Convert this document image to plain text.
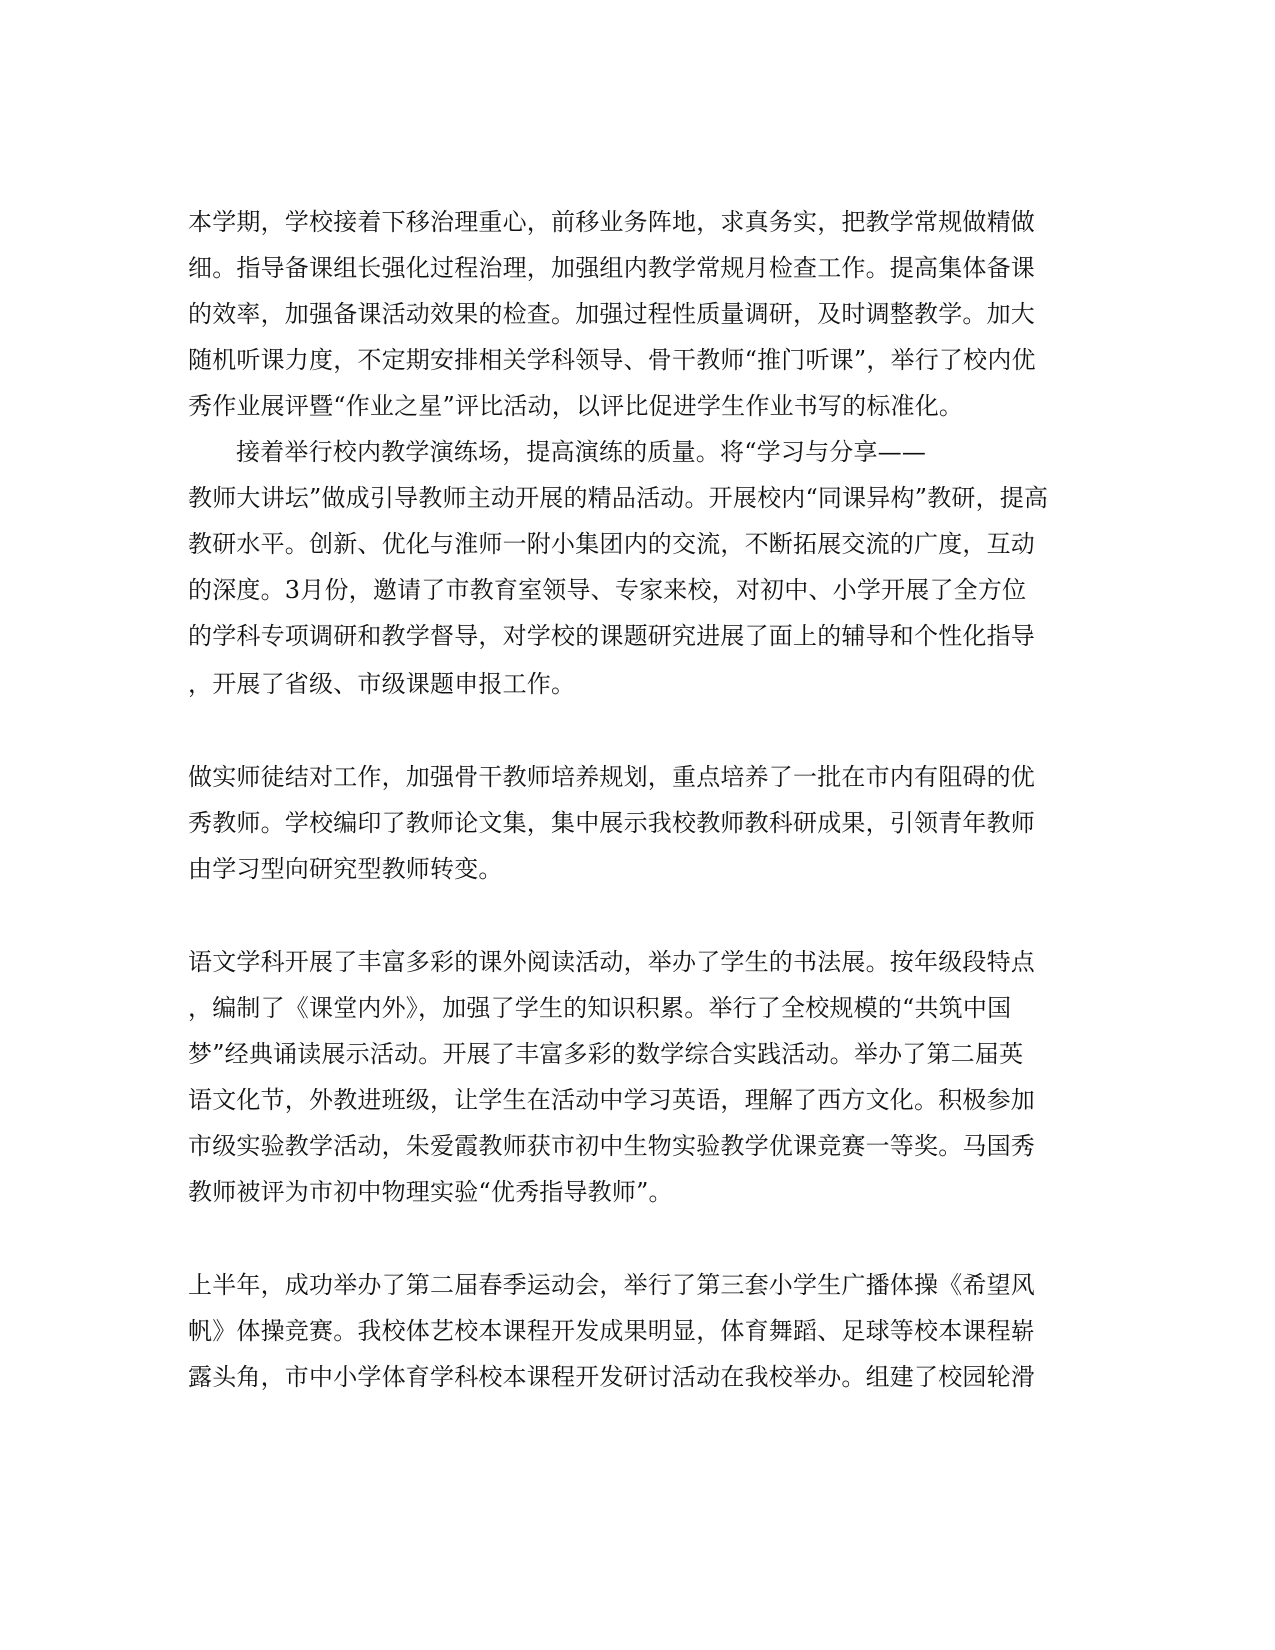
本学期，学校接着下移治理重心，前移业务阵地，求真务实，把教学常规做精做
细。指导备课组长强化过程治理，加强组内教学常规月检查工作。提高集体备课
的效率，加强备课活动效果的检查。加强过程性质量调研，及时调整教学。加大
随机听课力度，不定期安排相关学科领导、骨干教师“推门听课”，举行了校内优
秀作业展评暨“作业之星”评比活动，以评比促进学生作业书写的标准化。
接着举行校内教学演练场，提高演练的质量。将“学习与分享——
教师大讲坛”做成引导教师主动开展的精品活动。开展校内“同课异构”教研，提高
教研水平。创新、优化与淮师一附小集团内的交流，不断拓展交流的广度，互动
的深度。3月份，邀请了市教育室领导、专家来校，对初中、小学开展了全方位
的学科专项调研和教学督导，对学校的课题研究进展了面上的辅导和个性化指导
，开展了省级、市级课题申报工作。
做实师徒结对工作，加强骨干教师培养规划，重点培养了一批在市内有阻碍的优
秀教师。学校编印了教师论文集，集中展示我校教师教科研成果，引领青年教师
由学习型向研究型教师转变。
语文学科开展了丰富多彩的课外阅读活动，举办了学生的书法展。按年级段特点
，编制了《课堂内外》，加强了学生的知识积累。举行了全校规模的“共筑中国
梦”经典诵读展示活动。开展了丰富多彩的数学综合实践活动。举办了第二届英
语文化节，外教进班级，让学生在活动中学习英语，理解了西方文化。积极参加
市级实验教学活动，朱爱霞教师获市初中生物实验教学优课竞赛一等奖。马国秀
教师被评为市初中物理实验“优秀指导教师”。
上半年，成功举办了第二届春季运动会，举行了第三套小学生广播体操《希望风
帆》体操竞赛。我校体艺校本课程开发成果明显，体育舞蹈、足球等校本课程崭
露头角，市中小学体育学科校本课程开发研讨活动在我校举办。组建了校园轮滑
